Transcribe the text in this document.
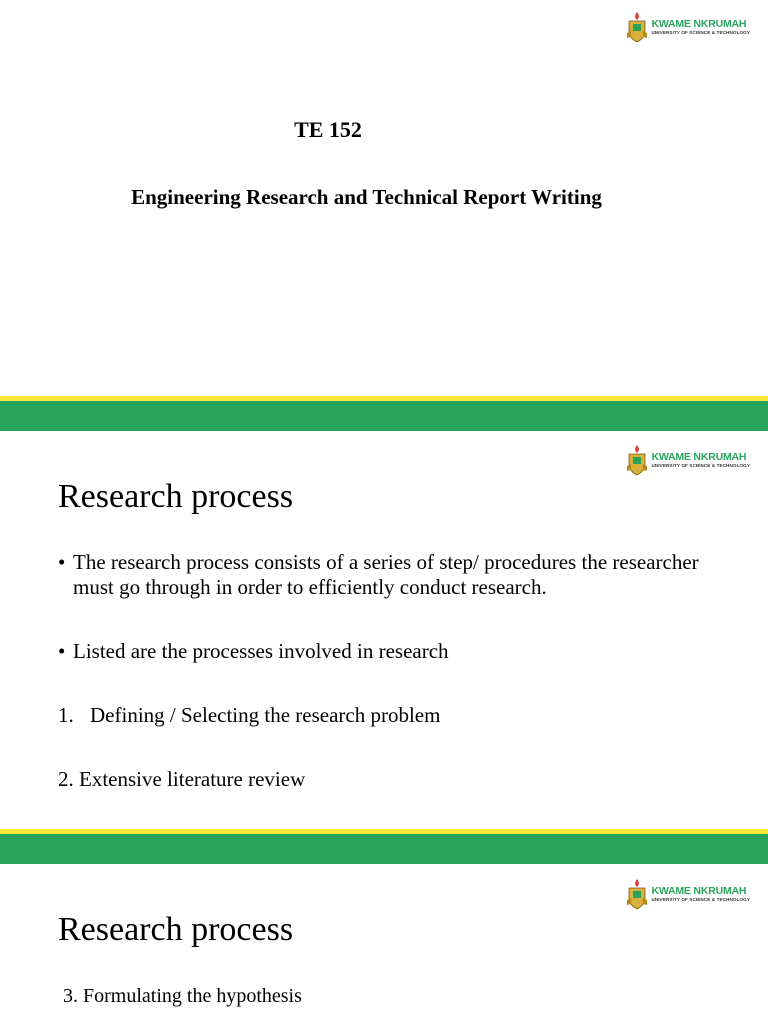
KWAME NKRUMAH
UNIVERSITY OF SCIENCE & TECHNOLOGY
TE 152
Engineering Research and Technical Report Writing
KWAME NKRUMAH
UNIVERSITY OF SCIENCE & TECHNOLOGY
Research process
• The research process consists of a series of step/ procedures the researcher must go through in order to efficiently conduct research.
• Listed are the processes involved in research
1. Defining / Selecting the research problem
2. Extensive literature review
KWAME NKRUMAH
UNIVERSITY OF SCIENCE & TECHNOLOGY
Research process
3. Formulating the hypothesis
